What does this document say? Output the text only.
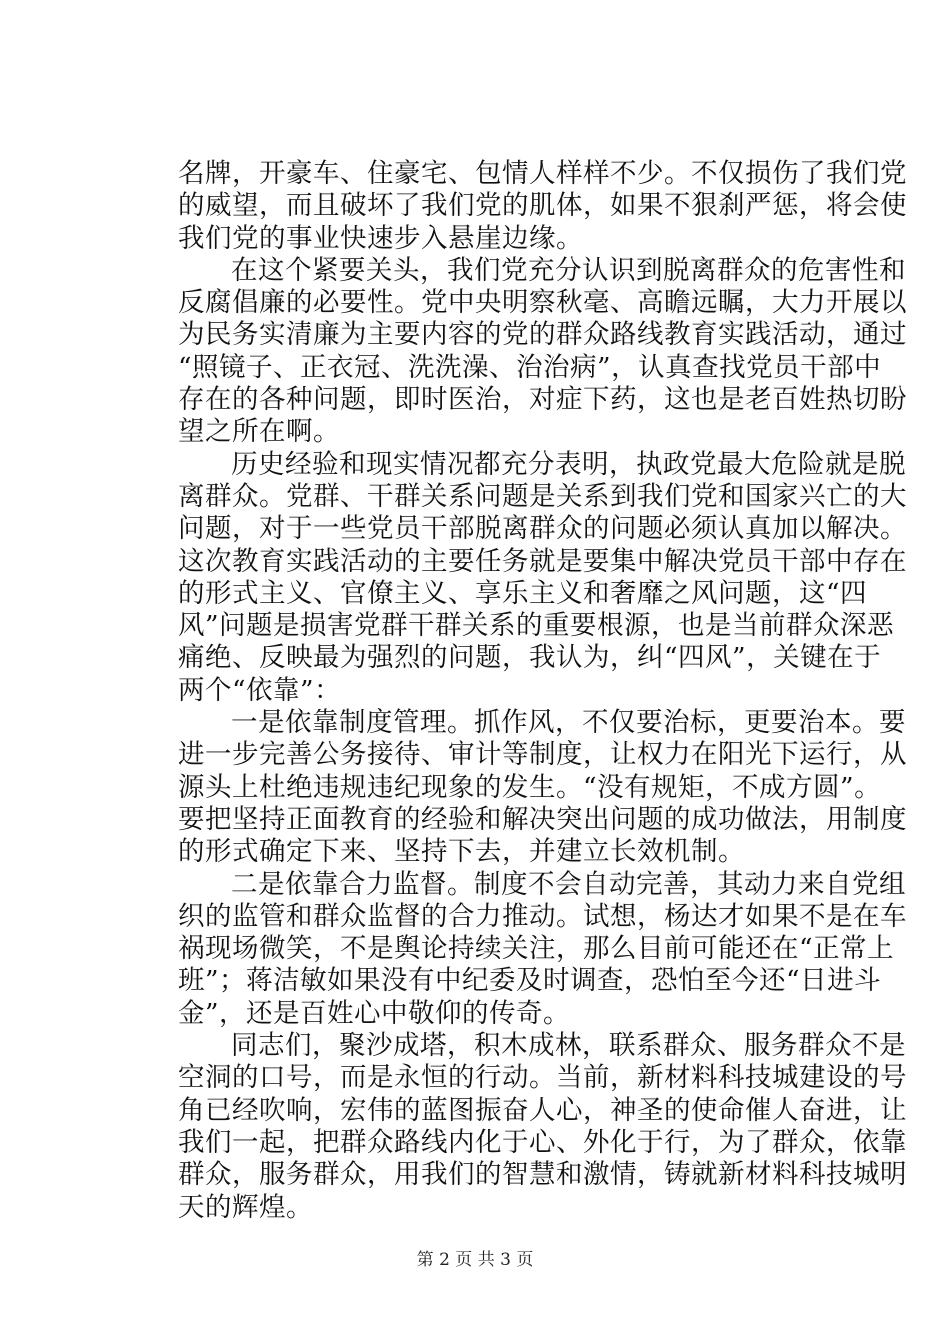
名牌，开豪车、住豪宅、包情人样样不少。不仅损伤了我们党
的威望，而且破坏了我们党的肌体，如果不狠刹严惩，将会使
我们党的事业快速步入悬崖边缘。
在这个紧要关头，我们党充分认识到脱离群众的危害性和
反腐倡廉的必要性。党中央明察秋毫、高瞻远瞩，大力开展以
为民务实清廉为主要内容的党的群众路线教育实践活动，通过
“照镜子、正衣冠、洗洗澡、治治病”，认真查找党员干部中
存在的各种问题，即时医治，对症下药，这也是老百姓热切盼
望之所在啊。
历史经验和现实情况都充分表明，执政党最大危险就是脱
离群众。党群、干群关系问题是关系到我们党和国家兴亡的大
问题，对于一些党员干部脱离群众的问题必须认真加以解决。
这次教育实践活动的主要任务就是要集中解决党员干部中存在
的形式主义、官僚主义、享乐主义和奢靡之风问题，这“四
风”问题是损害党群干群关系的重要根源，也是当前群众深恶
痛绝、反映最为强烈的问题，我认为，纠“四风”，关键在于
两个“依靠”：
一是依靠制度管理。抓作风，不仅要治标，更要治本。要
进一步完善公务接待、审计等制度，让权力在阳光下运行，从
源头上杜绝违规违纪现象的发生。“没有规矩，不成方圆”。
要把坚持正面教育的经验和解决突出问题的成功做法，用制度
的形式确定下来、坚持下去，并建立长效机制。
二是依靠合力监督。制度不会自动完善，其动力来自党组
织的监管和群众监督的合力推动。试想，杨达才如果不是在车
祸现场微笑，不是舆论持续关注，那么目前可能还在“正常上
班”；蒋洁敏如果没有中纪委及时调查，恐怕至今还“日进斗
金”，还是百姓心中敬仰的传奇。
同志们，聚沙成塔，积木成林，联系群众、服务群众不是
空洞的口号，而是永恒的行动。当前，新材料科技城建设的号
角已经吹响，宏伟的蓝图振奋人心，神圣的使命催人奋进，让
我们一起，把群众路线内化于心、外化于行，为了群众，依靠
群众，服务群众，用我们的智慧和激情，铸就新材料科技城明
天的辉煌。
第 2 页 共 3 页
